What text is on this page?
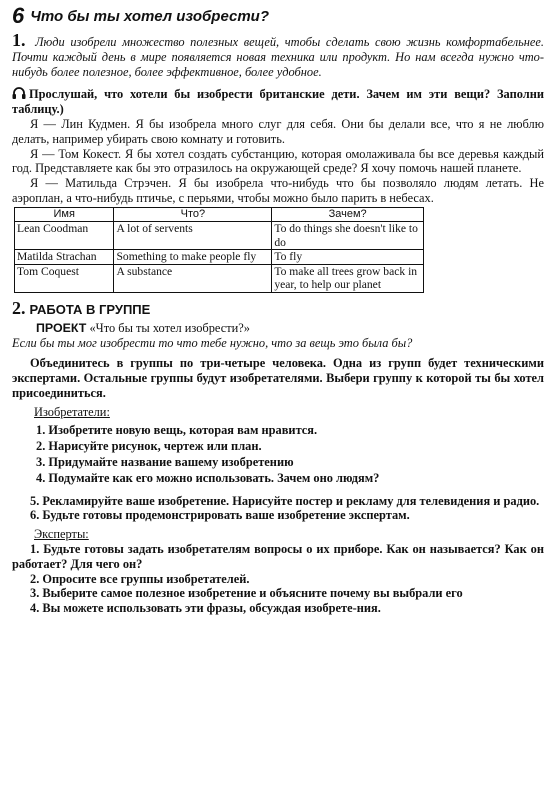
6 Что бы ты хотел изобрести?

1. Люди изобрели множество полезных вещей, чтобы сделать свою жизнь комфортабельнее. Почти каждый день в мире появляется новая техника или продукт. Но нам всегда нужно что-нибудь более полезное, более эффективное, более удобное.

Прослушай, что хотели бы изобрести британские дети. Зачем им эти вещи? Заполни таблицу.)

Я — Лин Кудмен. Я бы изобрела много слуг для себя. Они бы делали все, что я не люблю делать, например убирать свою комнату и готовить.

Я — Том Кокест. Я бы хотел создать субстанцию, которая омолаживала бы все деревья каждый год. Представляете как бы это отразилось на окружающей среде? Я хочу помочь нашей планете.

Я — Матильда Стрэчен. Я бы изобрела что-нибудь что бы позволяло людям летать. Не аэроплан, а что-нибудь птичье, с перьями, чтобы можно было парить в небесах.

Имя	Что?	Зачем?
Lean Coodman	A lot of servents	To do things she doesn't like to do
Matilda Strachan	Something to make people fly	To fly
Tom Coquest	A substance	To make all trees grow back in year, to help our planet
2. РАБОТА В ГРУППЕ

ПРОЕКТ «Что бы ты хотел изобрести?»

Если бы ты мог изобрести то что тебе нужно, что за вещь это была бы?

Объединитесь в группы по три-четыре человека. Одна из групп будет техническими экспертами. Остальные группы будут изобретателями. Выбери группу к которой ты бы хотел присоединиться.

Изобретатели:
1. Изобретите новую вещь, которая вам нравится.
2. Нарисуйте рисунок, чертеж или план.
3. Придумайте название вашему изобретению
4. Подумайте как его можно использовать. Зачем оно людям?

5. Рекламируйте ваше изобретение. Нарисуйте постер и рекламу для телевидения и радио.

6. Будьте готовы продемонстрировать ваше изобретение экспертам.

Эксперты:

1. Будьте готовы задать изобретателям вопросы о их приборе. Как он называется? Как он работает? Для чего он?

2. Опросите все группы изобретателей.

3. Выберите самое полезное изобретение и объясните почему вы выбрали его

4. Вы можете использовать эти фразы, обсуждая изобрете-ния.
